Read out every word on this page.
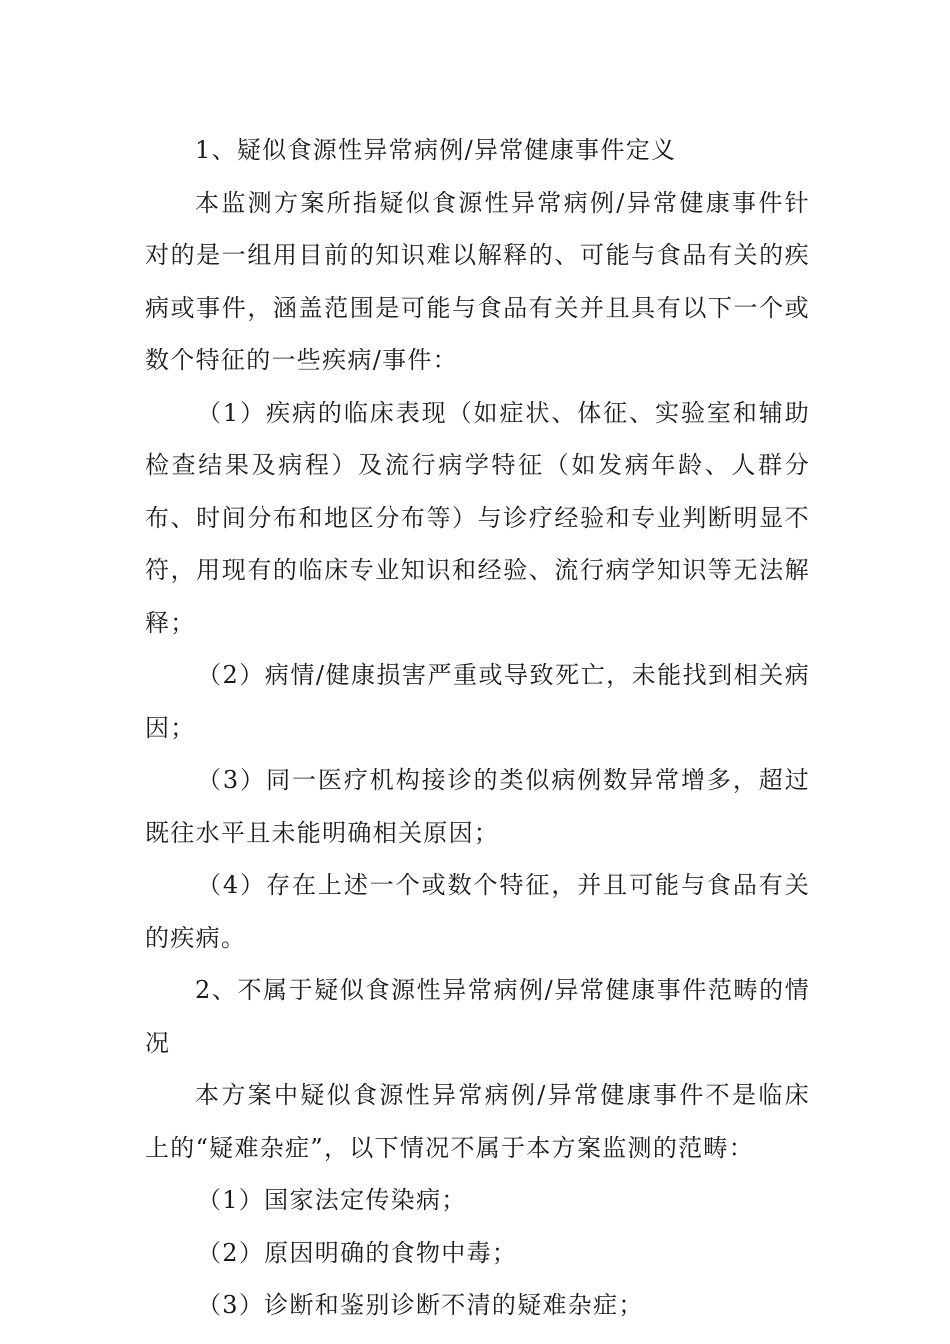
1、疑似食源性异常病例/异常健康事件定义

本监测方案所指疑似食源性异常病例/异常健康事件针对的是一组用目前的知识难以解释的、可能与食品有关的疾病或事件，涵盖范围是可能与食品有关并且具有以下一个或数个特征的一些疾病/事件：

（1）疾病的临床表现（如症状、体征、实验室和辅助检查结果及病程）及流行病学特征（如发病年龄、人群分布、时间分布和地区分布等）与诊疗经验和专业判断明显不符，用现有的临床专业知识和经验、流行病学知识等无法解释；

（2）病情/健康损害严重或导致死亡，未能找到相关病因；

（3）同一医疗机构接诊的类似病例数异常增多，超过既往水平且未能明确相关原因；

（4）存在上述一个或数个特征，并且可能与食品有关的疾病。

2、不属于疑似食源性异常病例/异常健康事件范畴的情况

本方案中疑似食源性异常病例/异常健康事件不是临床上的“疑难杂症”，以下情况不属于本方案监测的范畴：

（1）国家法定传染病；

（2）原因明确的食物中毒；

（3）诊断和鉴别诊断不清的疑难杂症；
